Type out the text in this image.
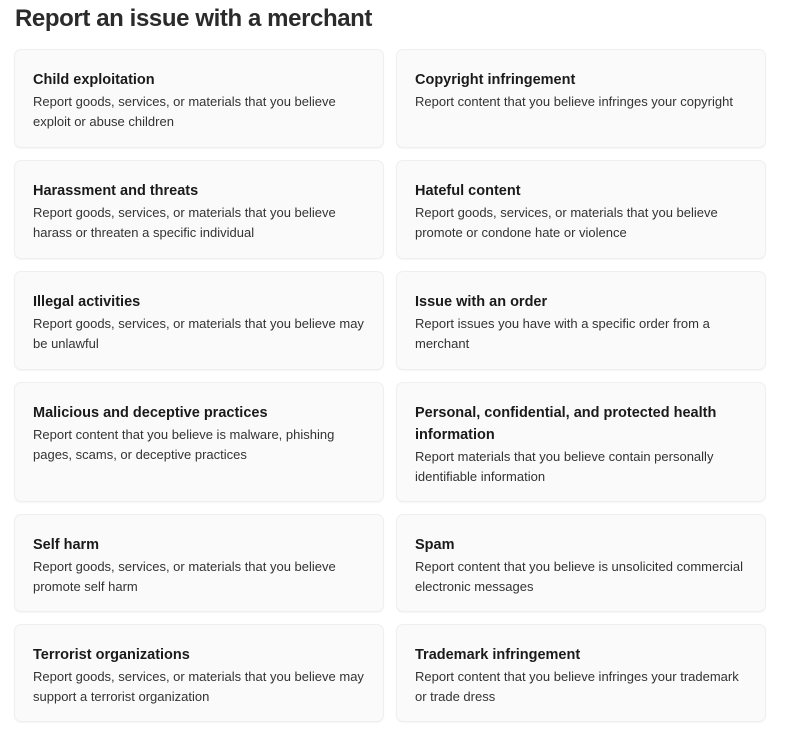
Report an issue with a merchant
Child exploitation
Report goods, services, or materials that you believe exploit or abuse children
Copyright infringement
Report content that you believe infringes your copyright
Harassment and threats
Report goods, services, or materials that you believe harass or threaten a specific individual
Hateful content
Report goods, services, or materials that you believe promote or condone hate or violence
Illegal activities
Report goods, services, or materials that you believe may be unlawful
Issue with an order
Report issues you have with a specific order from a merchant
Malicious and deceptive practices
Report content that you believe is malware, phishing pages, scams, or deceptive practices
Personal, confidential, and protected health information
Report materials that you believe contain personally identifiable information
Self harm
Report goods, services, or materials that you believe promote self harm
Spam
Report content that you believe is unsolicited commercial electronic messages
Terrorist organizations
Report goods, services, or materials that you believe may support a terrorist organization
Trademark infringement
Report content that you believe infringes your trademark or trade dress
